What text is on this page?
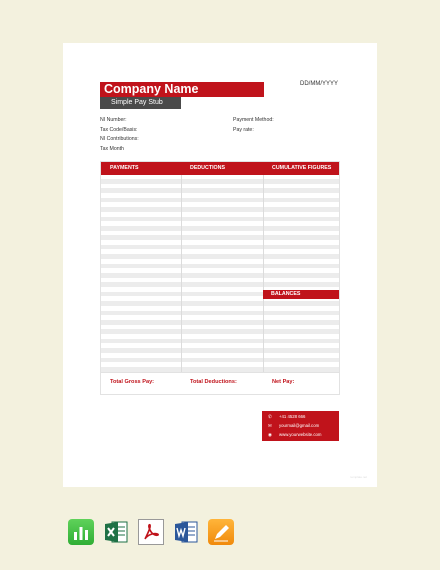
Company Name
Simple Pay Stub
DD/MM/YYYY
NI Number:
Tax Code/Basis:
NI Contributions:
Tax Month
Payment Method:
Pay rate:
PAYMENTS	DEDUCTIONS	CUMULATIVE FIGURES
BALANCES
Total Gross Pay:	Total Deductions:	Net Pay:
✆ +41 4528 666
✉ yourmail@gmail.com
◉ www.yourwebsite.com
template.net
